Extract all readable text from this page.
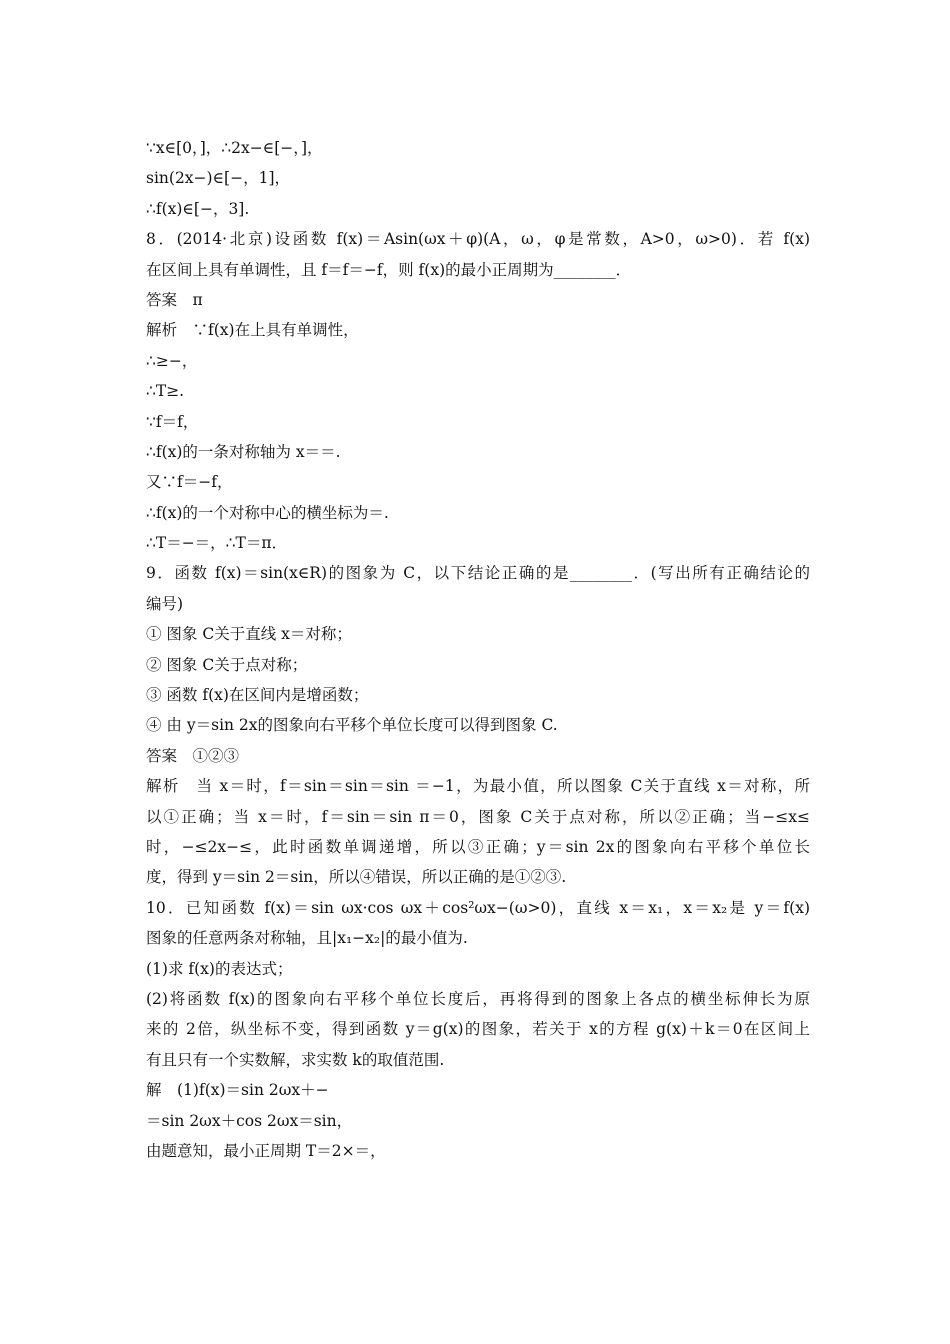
∵x∈[0，]，∴2x−∈[−，]，
sin(2x−)∈[−，1]，
∴f(x)∈[−，3].
8．(2014·北京)设函数 f(x)＝Asin(ωx＋φ)(A，ω，φ是常数，A>0，ω>0)．若 f(x)
在区间上具有单调性，且 f＝f＝−f，则 f(x)的最小正周期为________．
答案　π
解析　∵f(x)在上具有单调性，
∴≥−，
∴T≥.
∵f＝f，
∴f(x)的一条对称轴为 x＝＝.
又∵f＝−f，
∴f(x)的一个对称中心的横坐标为＝.
∴T＝−＝，∴T＝π．
9．函数 f(x)＝sin(x∈R)的图象为 C，以下结论正确的是________．(写出所有正确结论的
编号)
① 图象 C关于直线 x＝对称；
② 图象 C关于点对称；
③ 函数 f(x)在区间内是增函数；
④ 由 y＝sin 2x的图象向右平移个单位长度可以得到图象 C.
答案　①②③
解析　当 x＝时，f＝sin＝sin＝sin ＝−1，为最小值，所以图象 C关于直线 x＝对称，所
以①正确；当 x＝时，f＝sin＝sin π＝0，图象 C关于点对称，所以②正确；当−≤x≤
时，−≤2x−≤，此时函数单调递增，所以③正确；y＝sin 2x的图象向右平移个单位长
度，得到 y＝sin 2＝sin，所以④错误，所以正确的是①②③.
10．已知函数 f(x)＝sin ωx·cos ωx＋cos²ωx−(ω>0)，直线 x＝x₁，x＝x₂是 y＝f(x)
图象的任意两条对称轴，且|x₁−x₂|的最小值为.
(1)求 f(x)的表达式；
(2)将函数 f(x)的图象向右平移个单位长度后，再将得到的图象上各点的横坐标伸长为原
来的 2倍，纵坐标不变，得到函数 y＝g(x)的图象，若关于 x的方程 g(x)＋k＝0在区间上
有且只有一个实数解，求实数 k的取值范围.
解　(1)f(x)＝sin 2ωx＋−
＝sin 2ωx＋cos 2ωx＝sin，
由题意知，最小正周期 T＝2×＝，
